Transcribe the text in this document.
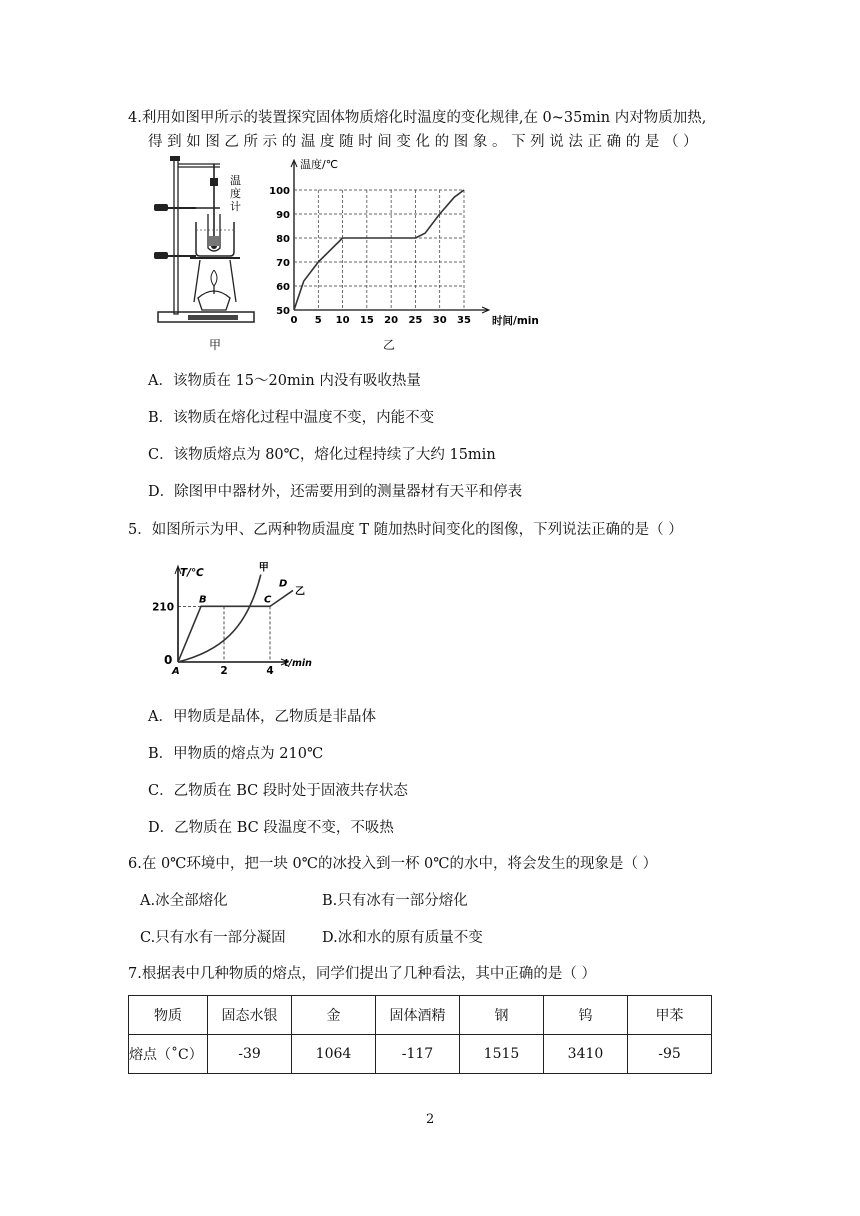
4.利用如图甲所示的装置探究固体物质熔化时温度的变化规律,在 0~35min 内对物质加热,
得 到 如 图 乙 所 示 的 温 度 随 时 间 变 化 的 图 象 。 下 列 说 法 正 确 的 是 （ ）
温
度
计
甲
温度/℃
时间/min
50
60
70
80
90
100
0 5 10 15 20 25 30 35
乙
A．该物质在 15～20min 内没有吸收热量
B．该物质在熔化过程中温度不变，内能不变
C．该物质熔点为 80℃，熔化过程持续了大约 15min
D．除图甲中器材外，还需要用到的测量器材有天平和停表
5．如图所示为甲、乙两种物质温度 T 随加热时间变化的图像，下列说法正确的是（ ）
T/℃
t/min
0
210
2	4
甲
乙
A
B	C
D
A．甲物质是晶体，乙物质是非晶体
B．甲物质的熔点为 210℃
C．乙物质在 BC 段时处于固液共存状态
D．乙物质在 BC 段温度不变，不吸热
6.在 0℃环境中，把一块 0℃的冰投入到一杯 0℃的水中，将会发生的现象是（ ）
A.冰全部熔化	B.只有冰有一部分熔化
C.只有水有一部分凝固	D.冰和水的原有质量不变
7.根据表中几种物质的熔点，同学们提出了几种看法，其中正确的是（ ）
物质	固态水银	金	固体酒精	钢	钨	甲苯
熔点（˚C）	-39	1064	-117	1515	3410	-95
2
